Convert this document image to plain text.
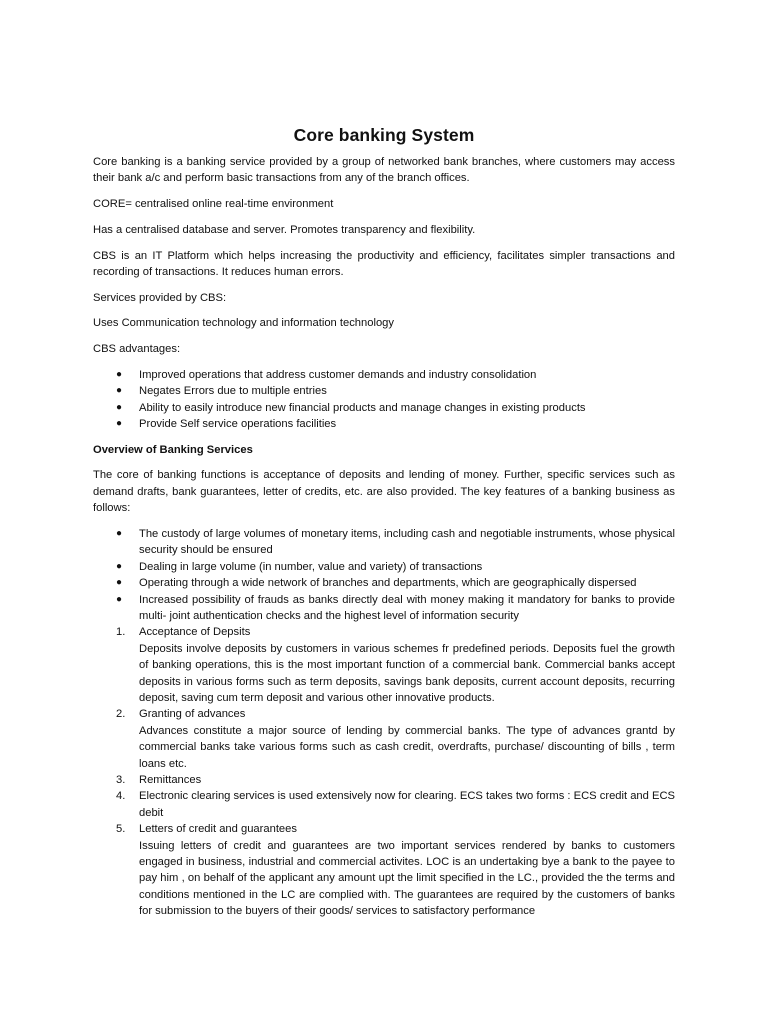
Core banking System

Core banking is a banking service provided by a group of networked bank branches, where customers may access their bank a/c and perform basic transactions from any of the branch offices.

CORE= centralised online real-time environment

Has a centralised database and server. Promotes transparency and flexibility.

CBS is an IT Platform which helps increasing the productivity and efficiency, facilitates simpler transactions and recording of transactions. It reduces human errors.

Services provided by CBS:

Uses Communication technology and information technology

CBS advantages:

● Improved operations that address customer demands and industry consolidation
● Negates Errors due to multiple entries
● Ability to easily introduce new financial products and manage changes in existing products
● Provide Self service operations facilities

Overview of Banking Services

The core of banking functions is acceptance of deposits and lending of money. Further, specific services such as demand drafts, bank guarantees, letter of credits, etc. are also provided. The key features of a banking business as follows:

● The custody of large volumes of monetary items, including cash and negotiable instruments, whose physical security should be ensured
● Dealing in large volume (in number, value and variety) of transactions
● Operating through a wide network of branches and departments, which are geographically dispersed
● Increased possibility of frauds as banks directly deal with money making it mandatory for banks to provide multi- joint authentication checks and the highest level of information security
1. Acceptance of Depsits
Deposits involve deposits by customers in various schemes fr predefined periods. Deposits fuel the growth of banking operations, this is the most important function of a commercial bank. Commercial banks accept deposits in various forms such as term deposits, savings bank deposits, current account deposits, recurring deposit, saving cum term deposit and various other innovative products.
2. Granting of advances
Advances constitute a major source of lending by commercial banks. The type of advances grantd by commercial banks take various forms such as cash credit, overdrafts, purchase/ discounting of bills , term loans etc.
3. Remittances
4. Electronic clearing services is used extensively now for clearing. ECS takes two forms : ECS credit and ECS debit
5. Letters of credit and guarantees
Issuing letters of credit and guarantees are two important services rendered by banks to customers engaged in business, industrial and commercial activites. LOC is an undertaking bye a bank to the payee to pay him , on behalf of the applicant any amount upt the limit specified in the LC., provided the the terms and conditions mentioned in the LC are complied with. The guarantees are required by the customers of banks for submission to the buyers of their goods/ services to satisfactory performance
